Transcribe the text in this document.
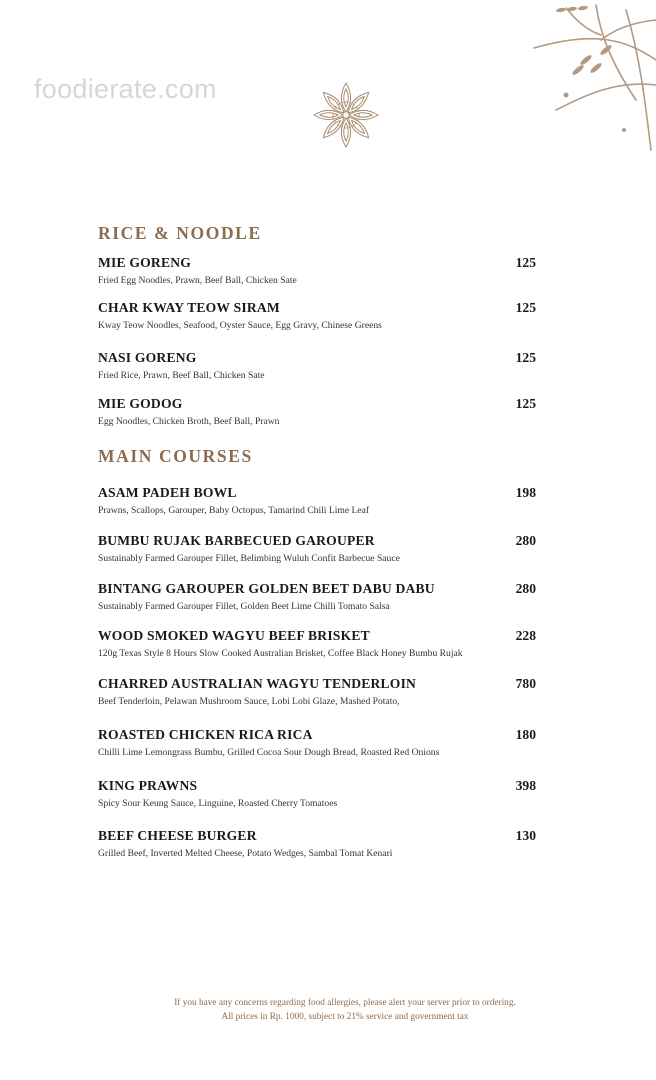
foodierate.com
RICE & NOODLE
MIE GORENG	125
Fried Egg Noodles, Prawn, Beef Ball, Chicken Sate
CHAR KWAY TEOW SIRAM	125
Kway Teow Noodles, Seafood, Oyster Sauce, Egg Gravy, Chinese Greens
NASI GORENG	125
Fried Rice, Prawn, Beef Ball, Chicken Sate
MIE GODOG	125
Egg Noodles, Chicken Broth, Beef Ball, Prawn
MAIN COURSES
ASAM PADEH BOWL	198
Prawns, Scallops, Garouper, Baby Octopus, Tamarind Chili Lime Leaf
BUMBU RUJAK BARBECUED GAROUPER	280
Sustainably Farmed Garouper Fillet, Belimbing Wuluh Confit Barbecue Sauce
BINTANG GAROUPER GOLDEN BEET DABU DABU	280
Sustainably Farmed Garouper Fillet, Golden Beet Lime Chilli Tomato Salsa
WOOD SMOKED WAGYU BEEF BRISKET	228
120g Texas Style 8 Hours Slow Cooked Australian Brisket, Coffee Black Honey Bumbu Rujak
CHARRED AUSTRALIAN WAGYU TENDERLOIN	780
Beef Tenderloin, Pelawan Mushroom Sauce, Lobi Lobi Glaze, Mashed Potato,
ROASTED CHICKEN RICA RICA	180
Chilli Lime Lemongrass Bumbu, Grilled Cocoa Sour Dough Bread, Roasted Red Onions
KING PRAWNS	398
Spicy Sour Keung Sauce, Linguine, Roasted Cherry Tomatoes
BEEF CHEESE BURGER	130
Grilled Beef, Inverted Melted Cheese, Potato Wedges, Sambal Tomat Kenari
If you have any concerns regarding food allergies, please alert your server prior to ordering.
All prices in Rp. 1000, subject to 21% service and government tax
